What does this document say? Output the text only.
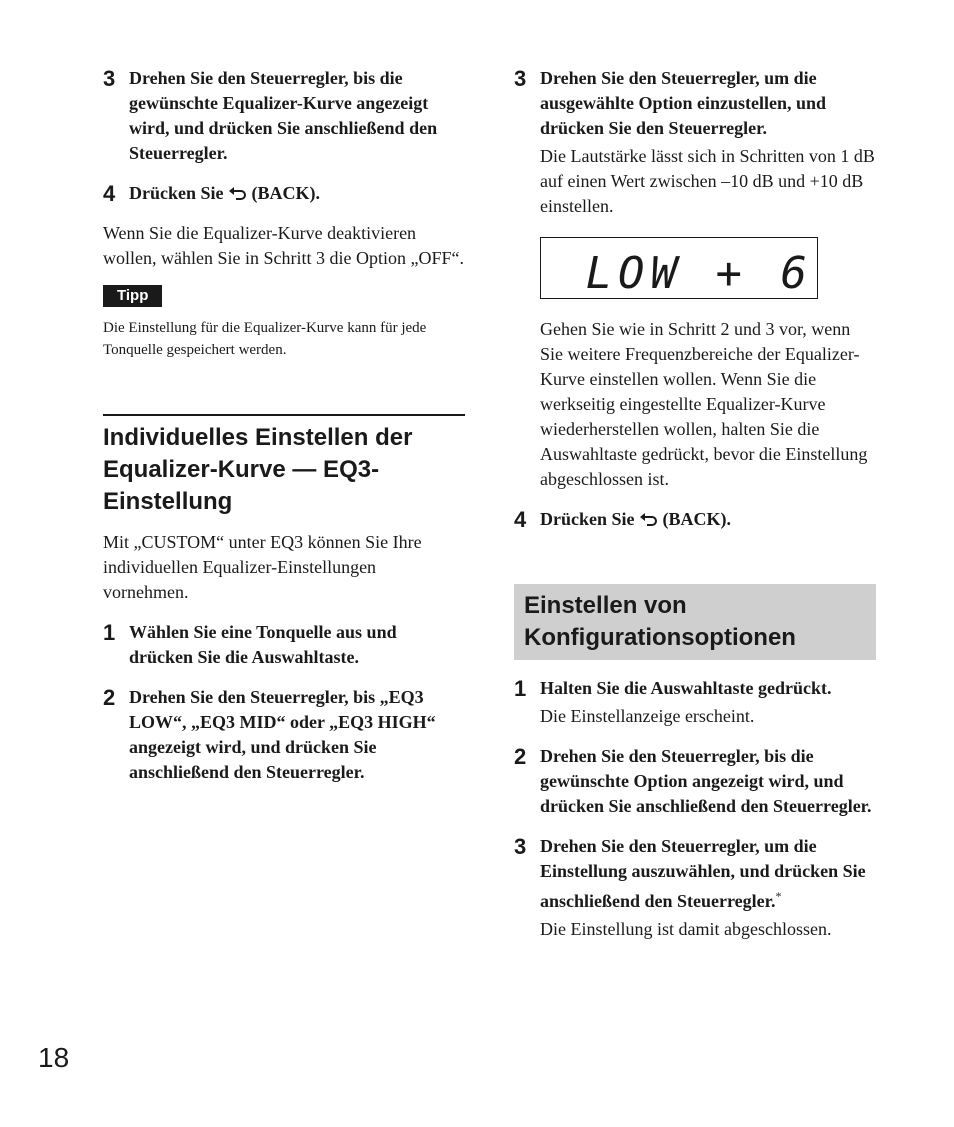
3 Drehen Sie den Steuerregler, bis die gewünschte Equalizer-Kurve angezeigt wird, und drücken Sie anschließend den Steuerregler.
4 Drücken Sie (BACK).
Wenn Sie die Equalizer-Kurve deaktivieren wollen, wählen Sie in Schritt 3 die Option „OFF“.
Tipp
Die Einstellung für die Equalizer-Kurve kann für jede Tonquelle gespeichert werden.
Individuelles Einstellen der Equalizer-Kurve — EQ3-Einstellung
Mit „CUSTOM“ unter EQ3 können Sie Ihre individuellen Equalizer-Einstellungen vornehmen.
1 Wählen Sie eine Tonquelle aus und drücken Sie die Auswahltaste.
2 Drehen Sie den Steuerregler, bis „EQ3 LOW“, „EQ3 MID“ oder „EQ3 HIGH“ angezeigt wird, und drücken Sie anschließend den Steuerregler.
3 Drehen Sie den Steuerregler, um die ausgewählte Option einzustellen, und drücken Sie den Steuerregler.
Die Lautstärke lässt sich in Schritten von 1 dB auf einen Wert zwischen –10 dB und +10 dB einstellen.
LOW + 6
Gehen Sie wie in Schritt 2 und 3 vor, wenn Sie weitere Frequenzbereiche der Equalizer-Kurve einstellen wollen. Wenn Sie die werkseitig eingestellte Equalizer-Kurve wiederherstellen wollen, halten Sie die Auswahltaste gedrückt, bevor die Einstellung abgeschlossen ist.
4 Drücken Sie (BACK).
Einstellen von Konfigurationsoptionen
1 Halten Sie die Auswahltaste gedrückt.
Die Einstellanzeige erscheint.
2 Drehen Sie den Steuerregler, bis die gewünschte Option angezeigt wird, und drücken Sie anschließend den Steuerregler.
3 Drehen Sie den Steuerregler, um die Einstellung auszuwählen, und drücken Sie anschließend den Steuerregler.*
Die Einstellung ist damit abgeschlossen.
18
